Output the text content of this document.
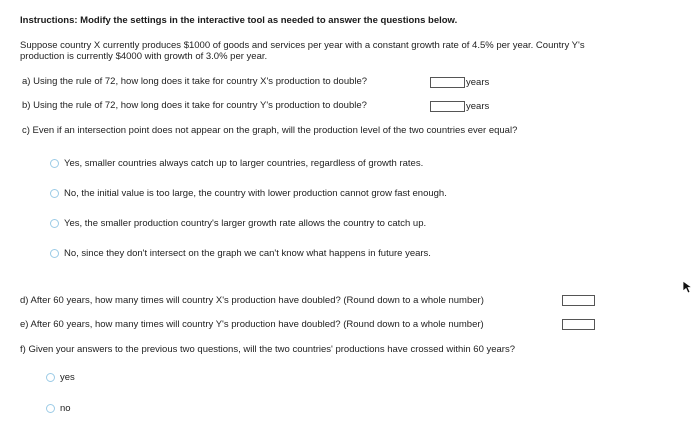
Instructions: Modify the settings in the interactive tool as needed to answer the questions below.
Suppose country X currently produces $1000 of goods and services per year with a constant growth rate of 4.5% per year. Country Y's
production is currently $4000 with growth of 3.0% per year.
a) Using the rule of 72, how long does it take for country X's production to double?	years
b) Using the rule of 72, how long does it take for country Y's production to double?	years
c) Even if an intersection point does not appear on the graph, will the production level of the two countries ever equal?
Yes, smaller countries always catch up to larger countries, regardless of growth rates.
No, the initial value is too large, the country with lower production cannot grow fast enough.
Yes, the smaller production country's larger growth rate allows the country to catch up.
No, since they don't intersect on the graph we can't know what happens in future years.
d) After 60 years, how many times will country X's production have doubled? (Round down to a whole number)
e) After 60 years, how many times will country Y's production have doubled? (Round down to a whole number)
f) Given your answers to the previous two questions, will the two countries' productions have crossed within 60 years?
yes
no
